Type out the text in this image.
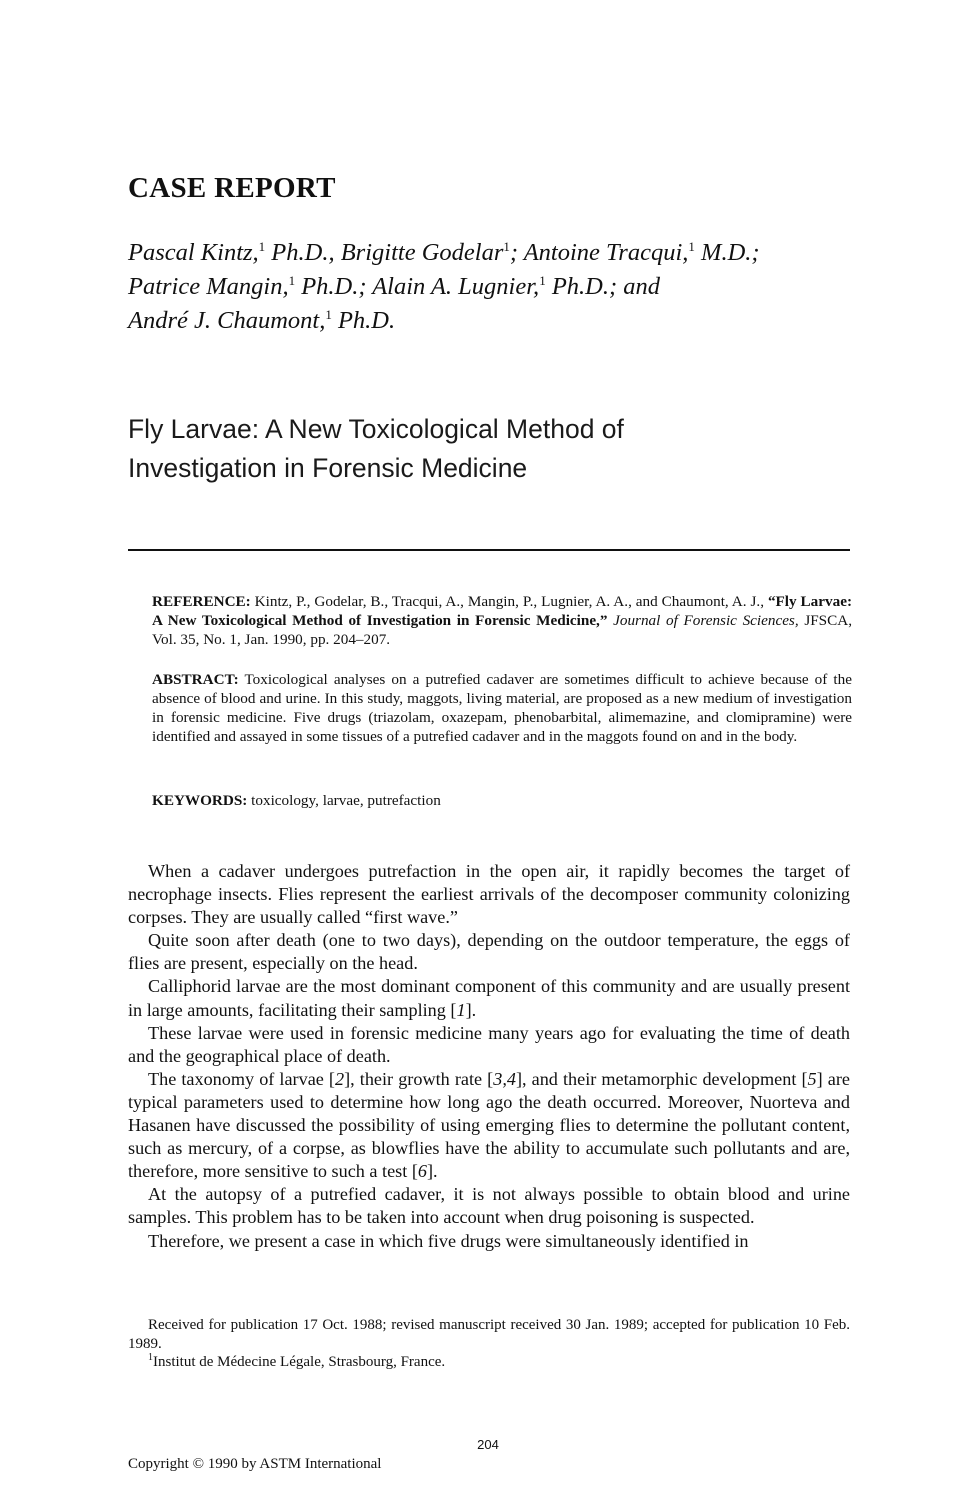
CASE REPORT
Pascal Kintz,$^1$ Ph.D., Brigitte Godelar$^1$; Antoine Tracqui,$^1$ M.D.;
Patrice Mangin,$^1$ Ph.D.; Alain A. Lugnier,$^1$ Ph.D.; and
André J. Chaumont,$^1$ Ph.D.
Fly Larvae: A New Toxicological Method of
Investigation in Forensic Medicine
REFERENCE: Kintz, P., Godelar, B., Tracqui, A., Mangin, P., Lugnier, A. A., and Chaumont, A. J., “Fly Larvae: A New Toxicological Method of Investigation in Forensic Medicine,” Journal of Forensic Sciences, JFSCA, Vol. 35, No. 1, Jan. 1990, pp. 204–207.
ABSTRACT: Toxicological analyses on a putrefied cadaver are sometimes difficult to achieve because of the absence of blood and urine. In this study, maggots, living material, are proposed as a new medium of investigation in forensic medicine. Five drugs (triazolam, oxazepam, phenobarbital, alimemazine, and clomipramine) were identified and assayed in some tissues of a putrefied cadaver and in the maggots found on and in the body.
KEYWORDS: toxicology, larvae, putrefaction

When a cadaver undergoes putrefaction in the open air, it rapidly becomes the target of necrophage insects. Flies represent the earliest arrivals of the decomposer community colonizing corpses. They are usually called “first wave.”

Quite soon after death (one to two days), depending on the outdoor temperature, the eggs of flies are present, especially on the head.

Calliphorid larvae are the most dominant component of this community and are usually present in large amounts, facilitating their sampling [1].

These larvae were used in forensic medicine many years ago for evaluating the time of death and the geographical place of death.

The taxonomy of larvae [2], their growth rate [3,4], and their metamorphic development [5] are typical parameters used to determine how long ago the death occurred. Moreover, Nuorteva and Hasanen have discussed the possibility of using emerging flies to determine the pollutant content, such as mercury, of a corpse, as blowflies have the ability to accumulate such pollutants and are, therefore, more sensitive to such a test [6].

At the autopsy of a putrefied cadaver, it is not always possible to obtain blood and urine samples. This problem has to be taken into account when drug poisoning is suspected.

Therefore, we present a case in which five drugs were simultaneously identified in

Received for publication 17 Oct. 1988; revised manuscript received 30 Jan. 1989; accepted for publication 10 Feb. 1989.

$^1$Institut de Médecine Légale, Strasbourg, France.

204
Copyright © 1990 by ASTM International
